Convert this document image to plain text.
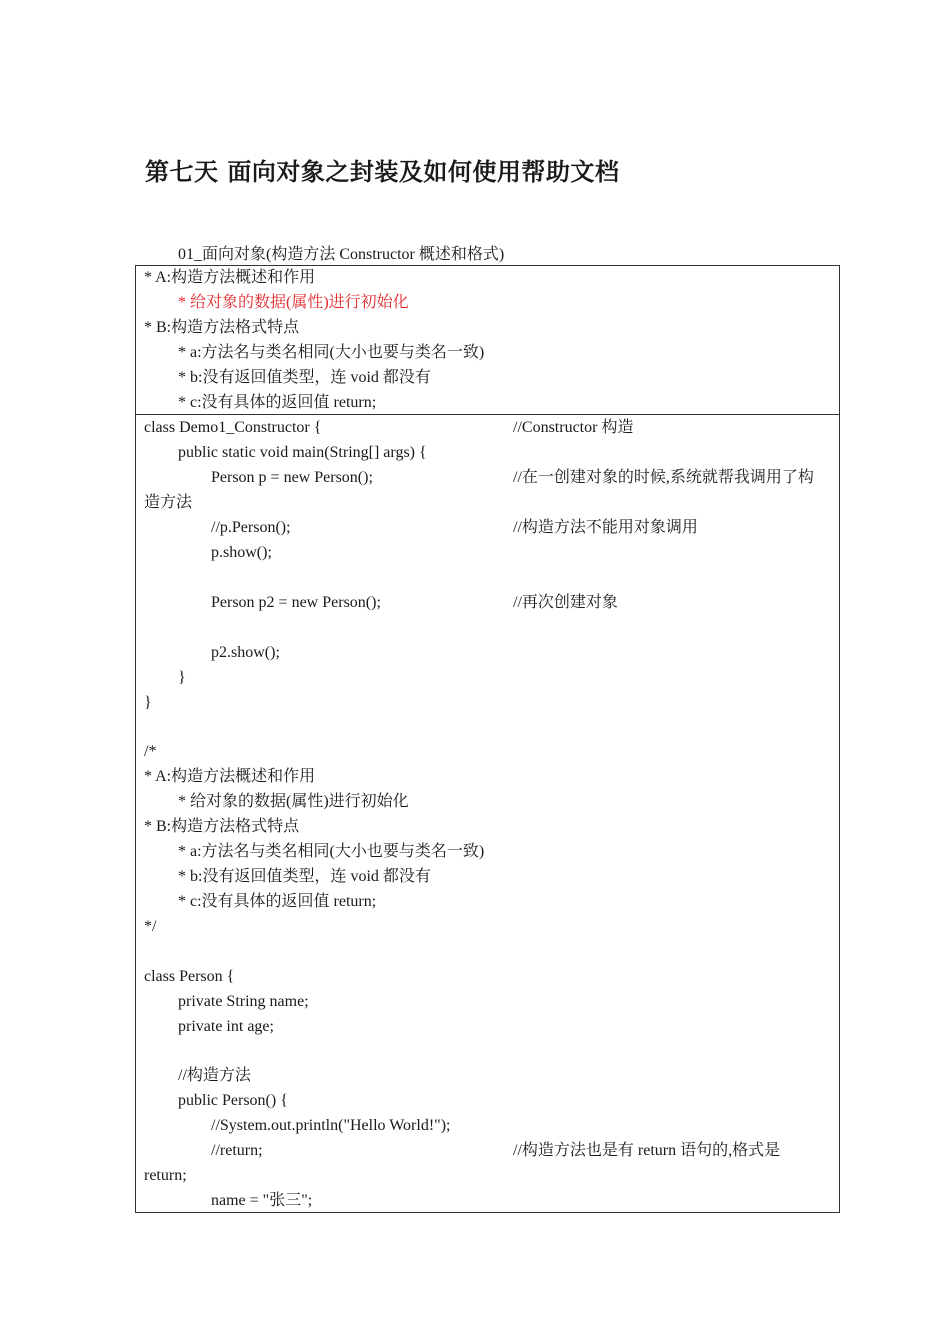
第七天 面向对象之封装及如何使用帮助文档
01_面向对象(构造方法 Constructor 概述和格式)
* A:构造方法概述和作用
* 给对象的数据(属性)进行初始化
* B:构造方法格式特点
* a:方法名与类名相同(大小也要与类名一致)
* b:没有返回值类型，连 void 都没有
* c:没有具体的返回值 return;
class Demo1_Constructor {	//Constructor 构造
public static void main(String[] args) {
Person p = new Person();	//在一创建对象的时候,系统就帮我调用了构
造方法
//p.Person();	//构造方法不能用对象调用
p.show();
Person p2 = new Person();	//再次创建对象
p2.show();
}
}
/*
* A:构造方法概述和作用
* 给对象的数据(属性)进行初始化
* B:构造方法格式特点
* a:方法名与类名相同(大小也要与类名一致)
* b:没有返回值类型，连 void 都没有
* c:没有具体的返回值 return;
*/
class Person {
private String name;
private int age;
//构造方法
public Person() {
//System.out.println("Hello World!");
//return;	//构造方法也是有 return 语句的,格式是
return;
name = "张三";
